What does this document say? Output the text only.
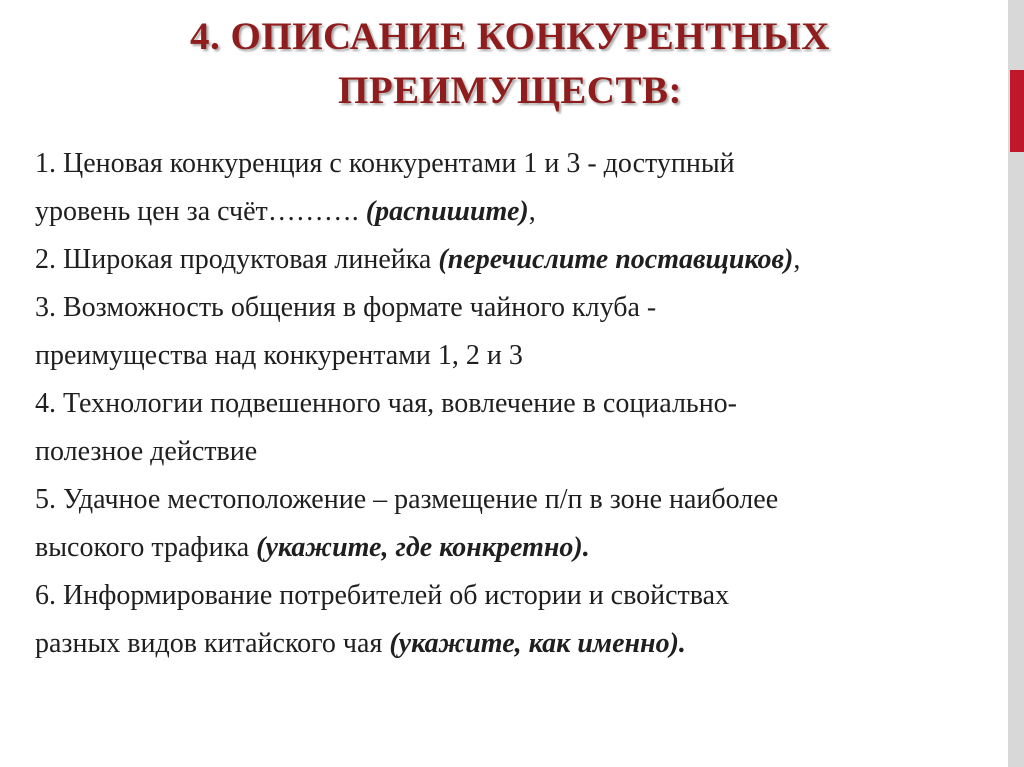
4. ОПИСАНИЕ КОНКУРЕНТНЫХ
ПРЕИМУЩЕСТВ:

1. Ценовая конкуренция с конкурентами 1 и 3 - доступный

уровень цен за счёт………. (распишите),

2. Широкая продуктовая линейка (перечислите поставщиков),

3. Возможность общения в формате чайного клуба -

преимущества над конкурентами 1, 2 и 3

4. Технологии подвешенного чая, вовлечение в социально-

полезное действие

5. Удачное местоположение – размещение п/п в зоне наиболее

высокого трафика (укажите, где конкретно).

6. Информирование потребителей об истории и свойствах

разных видов китайского чая (укажите, как именно).
